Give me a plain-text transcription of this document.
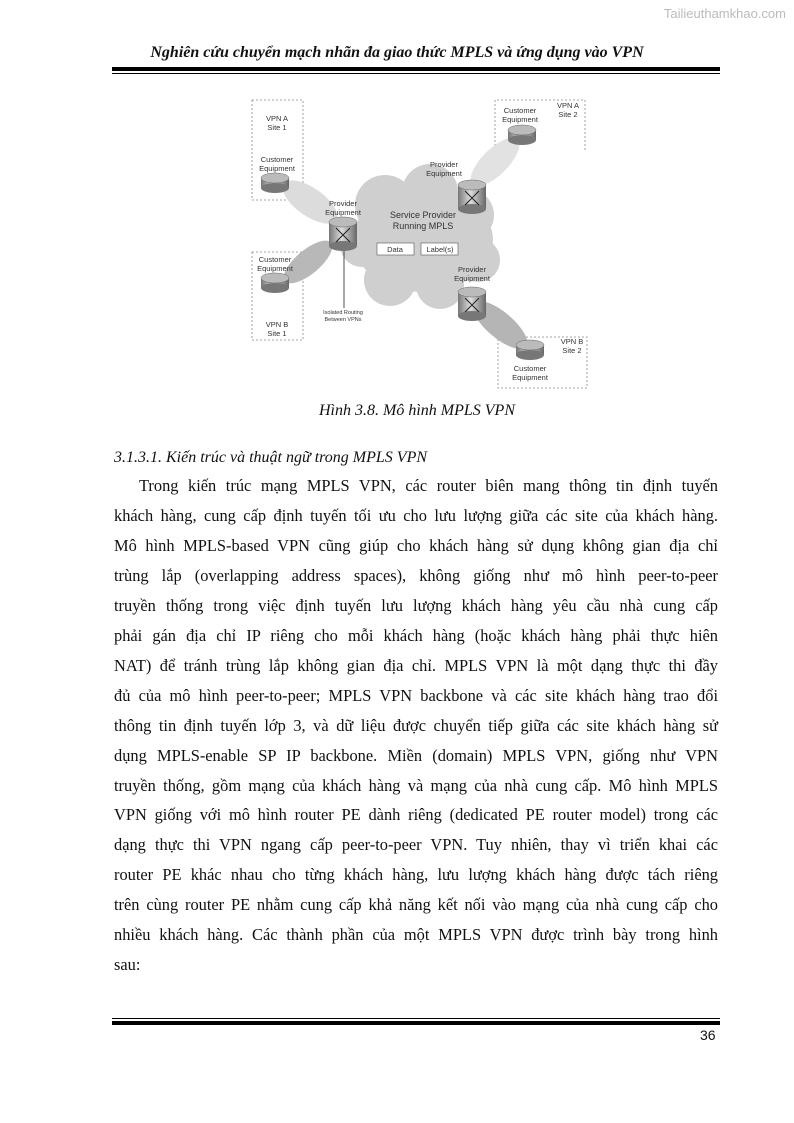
Tailieuthamkhao.com
Nghiên cứu chuyển mạch nhãn đa giao thức MPLS và ứng dụng vào VPN
Service Provider
Running MPLS
Data	Label(s)
VPN A
Site 1
Customer
Equipment
Customer
Equipment
VPN B
Site 1
Customer
Equipment
VPN A
Site 2
Provider
Equipment
Provider
Equipment
Provider
Equipment
Isolated Routing
Between VPNs
VPN B
Site 2
Customer
Equipment
Hình 3.8. Mô hình MPLS VPN
3.1.3.1. Kiến trúc và thuật ngữ trong MPLS VPN
Trong kiến trúc mạng MPLS VPN, các router biên mang thông tin định tuyến
khách hàng, cung cấp định tuyến tối ưu cho lưu lượng giữa các site của khách hàng.
Mô hình MPLS-based VPN cũng giúp cho khách hàng sử dụng không gian địa chỉ
trùng lắp (overlapping address spaces), không giống như mô hình peer-to-peer
truyền thống trong việc định tuyến lưu lượng khách hàng yêu cầu nhà cung cấp
phải gán địa chỉ IP riêng cho mỗi khách hàng (hoặc khách hàng phải thực hiên
NAT) để tránh trùng lắp không gian địa chỉ. MPLS VPN là một dạng thực thi đầy
đủ của mô hình peer-to-peer; MPLS VPN backbone và các site khách hàng trao đổi
thông tin định tuyến lớp 3, và dữ liệu được chuyển tiếp giữa các site khách hàng sử
dụng MPLS-enable SP IP backbone. Miền (domain) MPLS VPN, giống như VPN
truyền thống, gồm mạng của khách hàng và mạng của nhà cung cấp. Mô hình MPLS
VPN giống với mô hình router PE dành riêng (dedicated PE router model) trong các
dạng thực thi VPN ngang cấp peer-to-peer VPN. Tuy nhiên, thay vì triển khai các
router PE khác nhau cho từng khách hàng, lưu lượng khách hàng được tách riêng
trên cùng router PE nhằm cung cấp khả năng kết nối vào mạng của nhà cung cấp cho
nhiều khách hàng. Các thành phần của một MPLS VPN được trình bày trong hình
sau:
36
